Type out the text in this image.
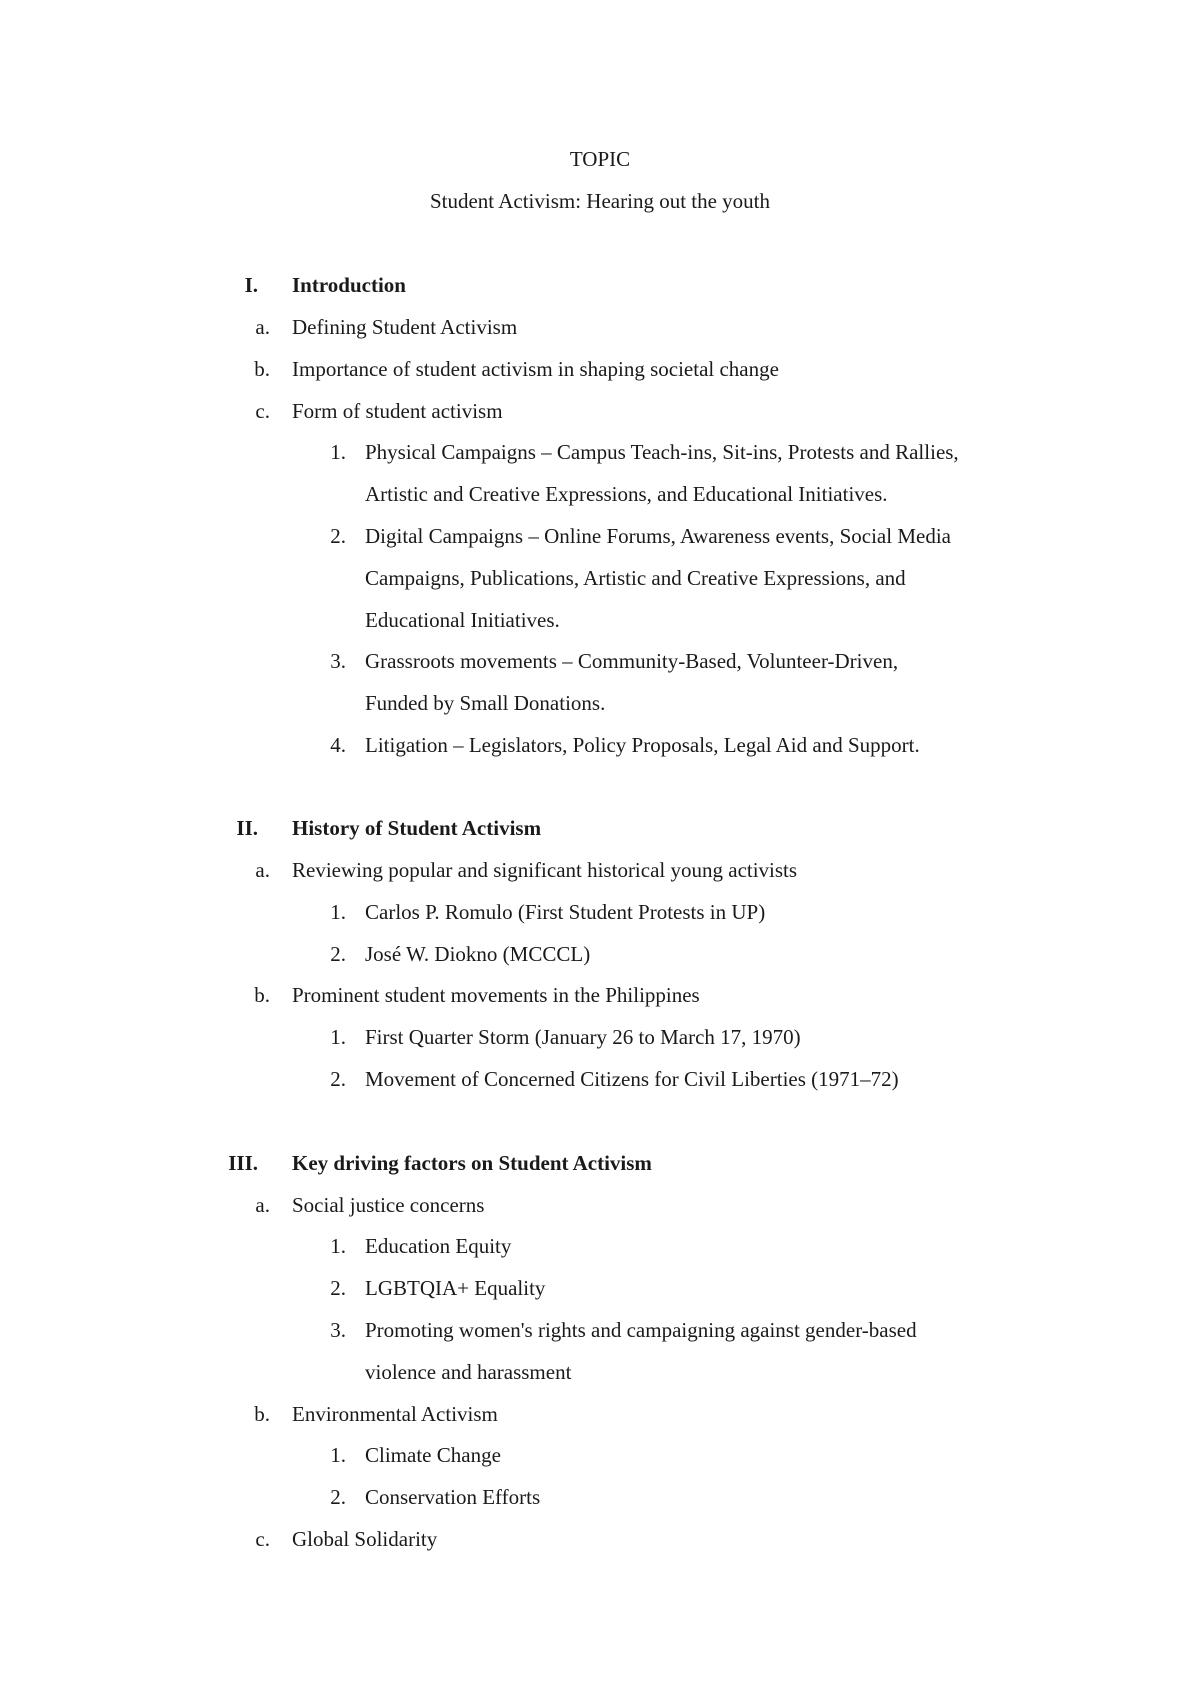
TOPIC
Student Activism: Hearing out the youth
I. Introduction
a. Defining Student Activism
b. Importance of student activism in shaping societal change
c. Form of student activism
1. Physical Campaigns – Campus Teach-ins, Sit-ins, Protests and Rallies,
Artistic and Creative Expressions, and Educational Initiatives.
2. Digital Campaigns – Online Forums, Awareness events, Social Media
Campaigns, Publications, Artistic and Creative Expressions, and
Educational Initiatives.
3. Grassroots movements – Community-Based, Volunteer-Driven,
Funded by Small Donations.
4. Litigation – Legislators, Policy Proposals, Legal Aid and Support.
II. History of Student Activism
a. Reviewing popular and significant historical young activists
1. Carlos P. Romulo (First Student Protests in UP)
2. José W. Diokno (MCCCL)
b. Prominent student movements in the Philippines
1. First Quarter Storm (January 26 to March 17, 1970)
2. Movement of Concerned Citizens for Civil Liberties (1971–72)
III. Key driving factors on Student Activism
a. Social justice concerns
1. Education Equity
2. LGBTQIA+ Equality
3. Promoting women's rights and campaigning against gender-based
violence and harassment
b. Environmental Activism
1. Climate Change
2. Conservation Efforts
c. Global Solidarity
